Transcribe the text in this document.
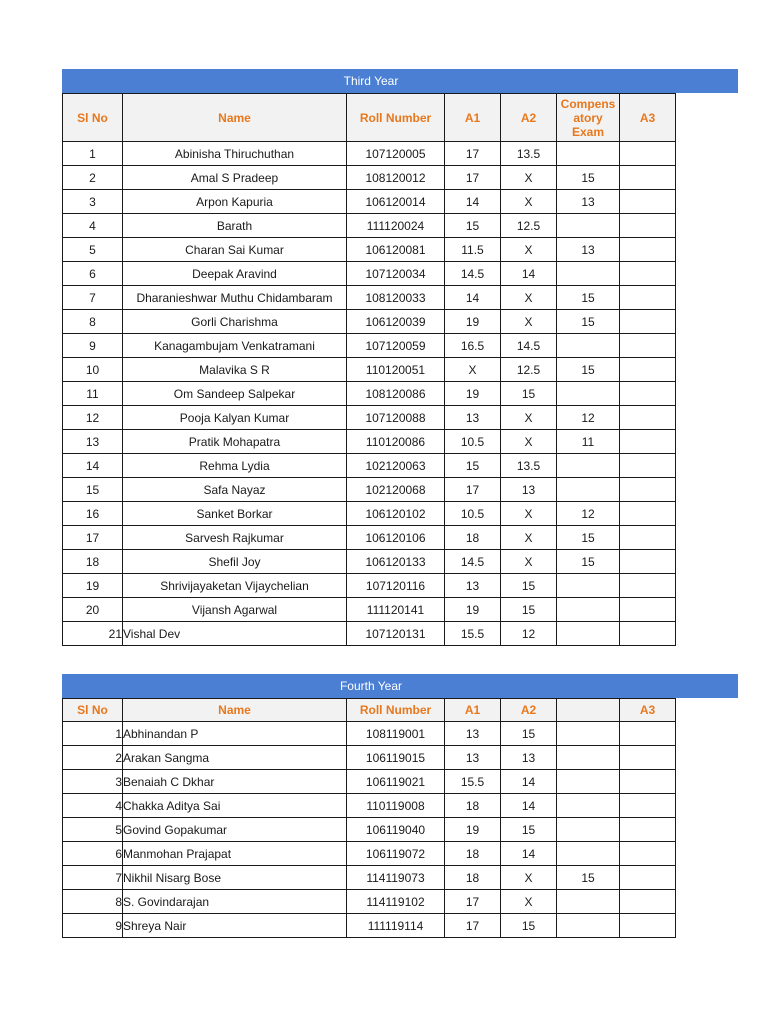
Third Year
Sl No	Name	Roll Number	A1	A2	Compens atory Exam	A3
1	Abinisha Thiruchuthan	107120005	17	13.5		
2	Amal S Pradeep	108120012	17	X	15	
3	Arpon Kapuria	106120014	14	X	13	
4	Barath	111120024	15	12.5		
5	Charan Sai Kumar	106120081	11.5	X	13	
6	Deepak Aravind	107120034	14.5	14		
7	Dharanieshwar Muthu Chidambaram	108120033	14	X	15	
8	Gorli Charishma	106120039	19	X	15	
9	Kanagambujam Venkatramani	107120059	16.5	14.5		
10	Malavika S R	110120051	X	12.5	15	
11	Om Sandeep Salpekar	108120086	19	15		
12	Pooja Kalyan Kumar	107120088	13	X	12	
13	Pratik Mohapatra	110120086	10.5	X	11	
14	Rehma Lydia	102120063	15	13.5		
15	Safa Nayaz	102120068	17	13		
16	Sanket Borkar	106120102	10.5	X	12	
17	Sarvesh Rajkumar	106120106	18	X	15	
18	Shefil Joy	106120133	14.5	X	15	
19	Shrivijayaketan Vijaychelian	107120116	13	15		
20	Vijansh Agarwal	111120141	19	15		
21	Vishal Dev	107120131	15.5	12		
Fourth Year
Sl No	Name	Roll Number	A1	A2		A3
1	Abhinandan P	108119001	13	15		
2	Arakan Sangma	106119015	13	13		
3	Benaiah C Dkhar	106119021	15.5	14		
4	Chakka Aditya Sai	110119008	18	14		
5	Govind Gopakumar	106119040	19	15		
6	Manmohan Prajapat	106119072	18	14		
7	Nikhil Nisarg Bose	114119073	18	X	15	
8	S. Govindarajan	114119102	17	X		
9	Shreya Nair	111119114	17	15		
